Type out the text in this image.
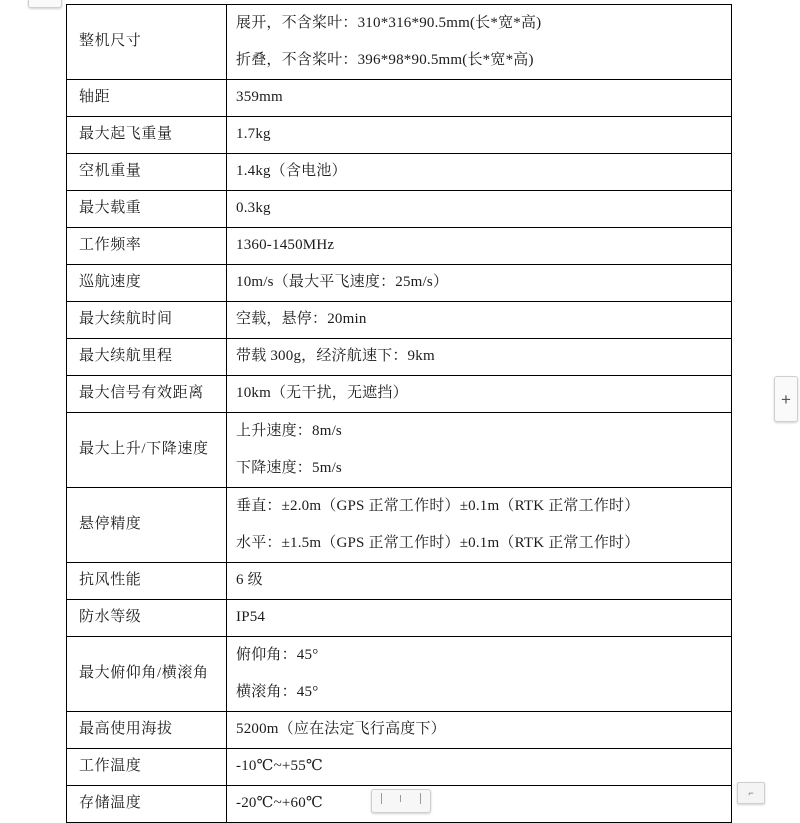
整机尺寸	展开，不含桨叶：310*316*90.5mm(长*宽*高)
折叠，不含桨叶：396*98*90.5mm(长*宽*高)

轴距	359mm

最大起飞重量	1.7kg

空机重量	1.4kg（含电池）

最大载重	0.3kg

工作频率	1360-1450MHz

巡航速度	10m/s（最大平飞速度：25m/s）

最大续航时间	空载，悬停：20min

最大续航里程	带载 300g，经济航速下：9km

最大信号有效距离	10km（无干扰，无遮挡）

最大上升/下降速度	上升速度：8m/s
下降速度：5m/s

悬停精度	垂直：±2.0m（GPS 正常工作时）±0.1m（RTK 正常工作时）
水平：±1.5m（GPS 正常工作时）±0.1m（RTK 正常工作时）

抗风性能	6 级

防水等级	IP54

最大俯仰角/横滚角	俯仰角：45°
横滚角：45°

最高使用海拔	5200m（应在法定飞行高度下）

工作温度	-10℃~+55℃

存储温度	-20℃~+60℃
+
⌐
